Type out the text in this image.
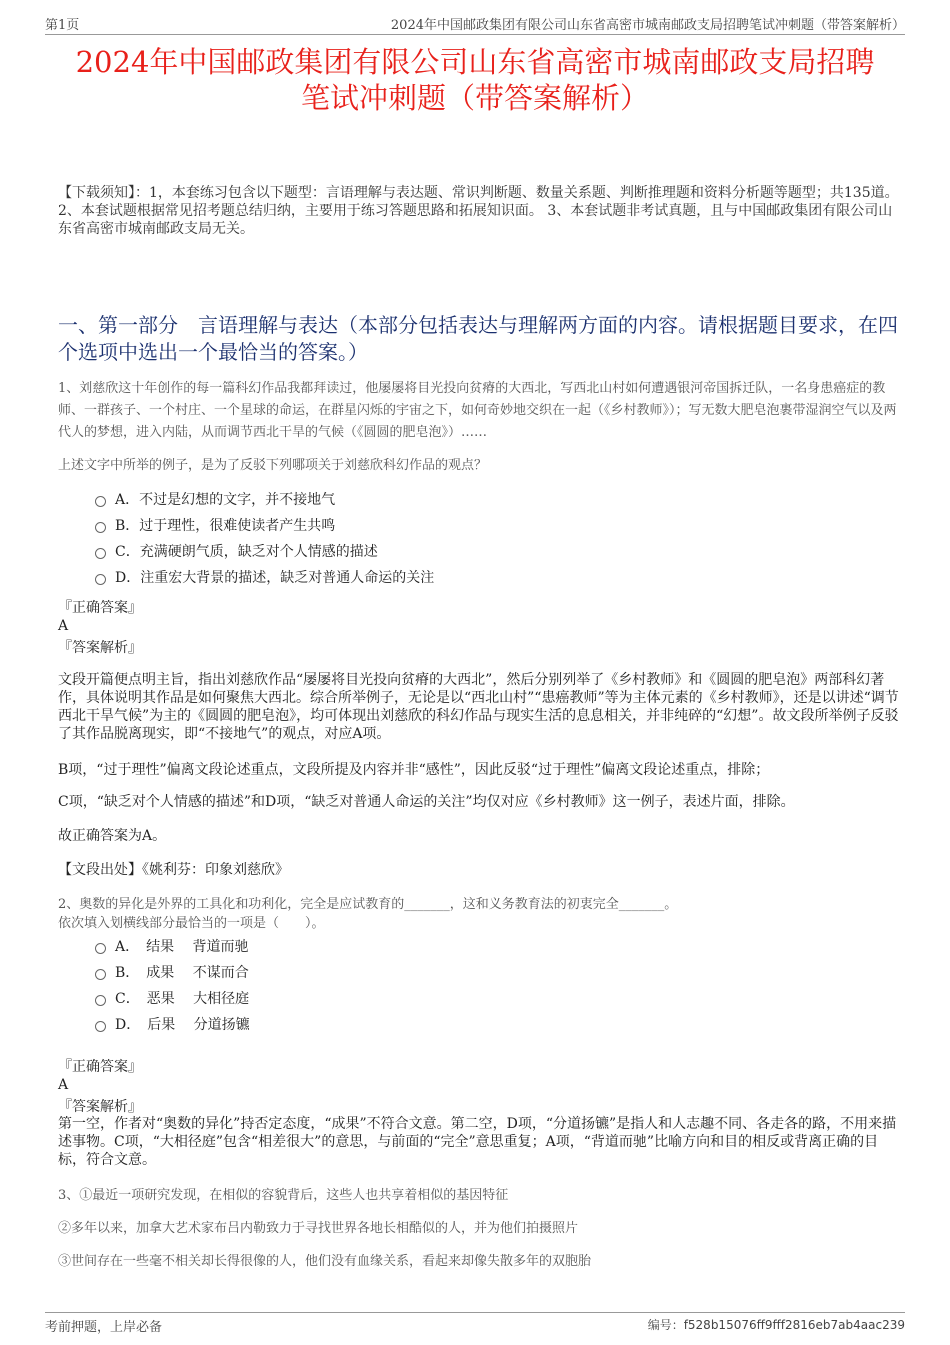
第1页	2024年中国邮政集团有限公司山东省高密市城南邮政支局招聘笔试冲刺题（带答案解析）
2024年中国邮政集团有限公司山东省高密市城南邮政支局招聘
笔试冲刺题（带答案解析）
【下载须知】：1，本套练习包含以下题型：言语理解与表达题、常识判断题、数量关系题、判断推理题和资料分析题等题型；共135道。 2、本套试题根据常见招考题总结归纳，主要用于练习答题思路和拓展知识面。 3、本套试题非考试真题，且与中国邮政集团有限公司山东省高密市城南邮政支局无关。
一、第一部分　言语理解与表达（本部分包括表达与理解两方面的内容。请根据题目要求，在四个选项中选出一个最恰当的答案。）
1、刘慈欣这十年创作的每一篇科幻作品我都拜读过，他屡屡将目光投向贫瘠的大西北，写西北山村如何遭遇银河帝国拆迁队，一名身患癌症的教师、一群孩子、一个村庄、一个星球的命运，在群星闪烁的宇宙之下，如何奇妙地交织在一起（《乡村教师》）；写无数大肥皂泡裹带湿润空气以及两代人的梦想，进入内陆，从而调节西北干旱的气候（《圆圆的肥皂泡》）……
上述文字中所举的例子，是为了反驳下列哪项关于刘慈欣科幻作品的观点？
A．不过是幻想的文字，并不接地气
B．过于理性，很难使读者产生共鸣
C．充满硬朗气质，缺乏对个人情感的描述
D．注重宏大背景的描述，缺乏对普通人命运的关注
『正确答案』
A
『答案解析』
文段开篇便点明主旨，指出刘慈欣作品“屡屡将目光投向贫瘠的大西北”，然后分别列举了《乡村教师》和《圆圆的肥皂泡》两部科幻著作，具体说明其作品是如何聚焦大西北。综合所举例子，无论是以“西北山村”“患癌教师”等为主体元素的《乡村教师》，还是以讲述“调节西北干旱气候”为主的《圆圆的肥皂泡》，均可体现出刘慈欣的科幻作品与现实生活的息息相关，并非纯碎的“幻想”。故文段所举例子反驳了其作品脱离现实，即“不接地气”的观点，对应A项。
B项，“过于理性”偏离文段论述重点，文段所提及内容并非“感性”，因此反驳“过于理性”偏离文段论述重点，排除；
C项，“缺乏对个人情感的描述”和D项，“缺乏对普通人命运的关注”均仅对应《乡村教师》这一例子，表述片面，排除。
故正确答案为A。
【文段出处】《姚利芬：印象刘慈欣》
2、奥数的异化是外界的工具化和功利化，完全是应试教育的_______，这和义务教育法的初衷完全_______。
依次填入划横线部分最恰当的一项是（　　）。
A．　结果　 背道而驰
B．　成果　 不谋而合
C．　恶果　 大相径庭
D．　后果　 分道扬镳
『正确答案』
A
『答案解析』
第一空，作者对“奥数的异化”持否定态度，“成果”不符合文意。第二空，D项，“分道扬镳”是指人和人志趣不同、各走各的路，不用来描述事物。C项，“大相径庭”包含“相差很大”的意思，与前面的“完全”意思重复；A项，“背道而驰”比喻方向和目的相反或背离正确的目标，符合文意。
3、①最近一项研究发现，在相似的容貌背后，这些人也共享着相似的基因特征
②多年以来，加拿大艺术家布吕内勒致力于寻找世界各地长相酷似的人，并为他们拍摄照片
③世间存在一些毫不相关却长得很像的人，他们没有血缘关系，看起来却像失散多年的双胞胎
考前押题，上岸必备	编号：f528b15076ff9fff2816eb7ab4aac239
